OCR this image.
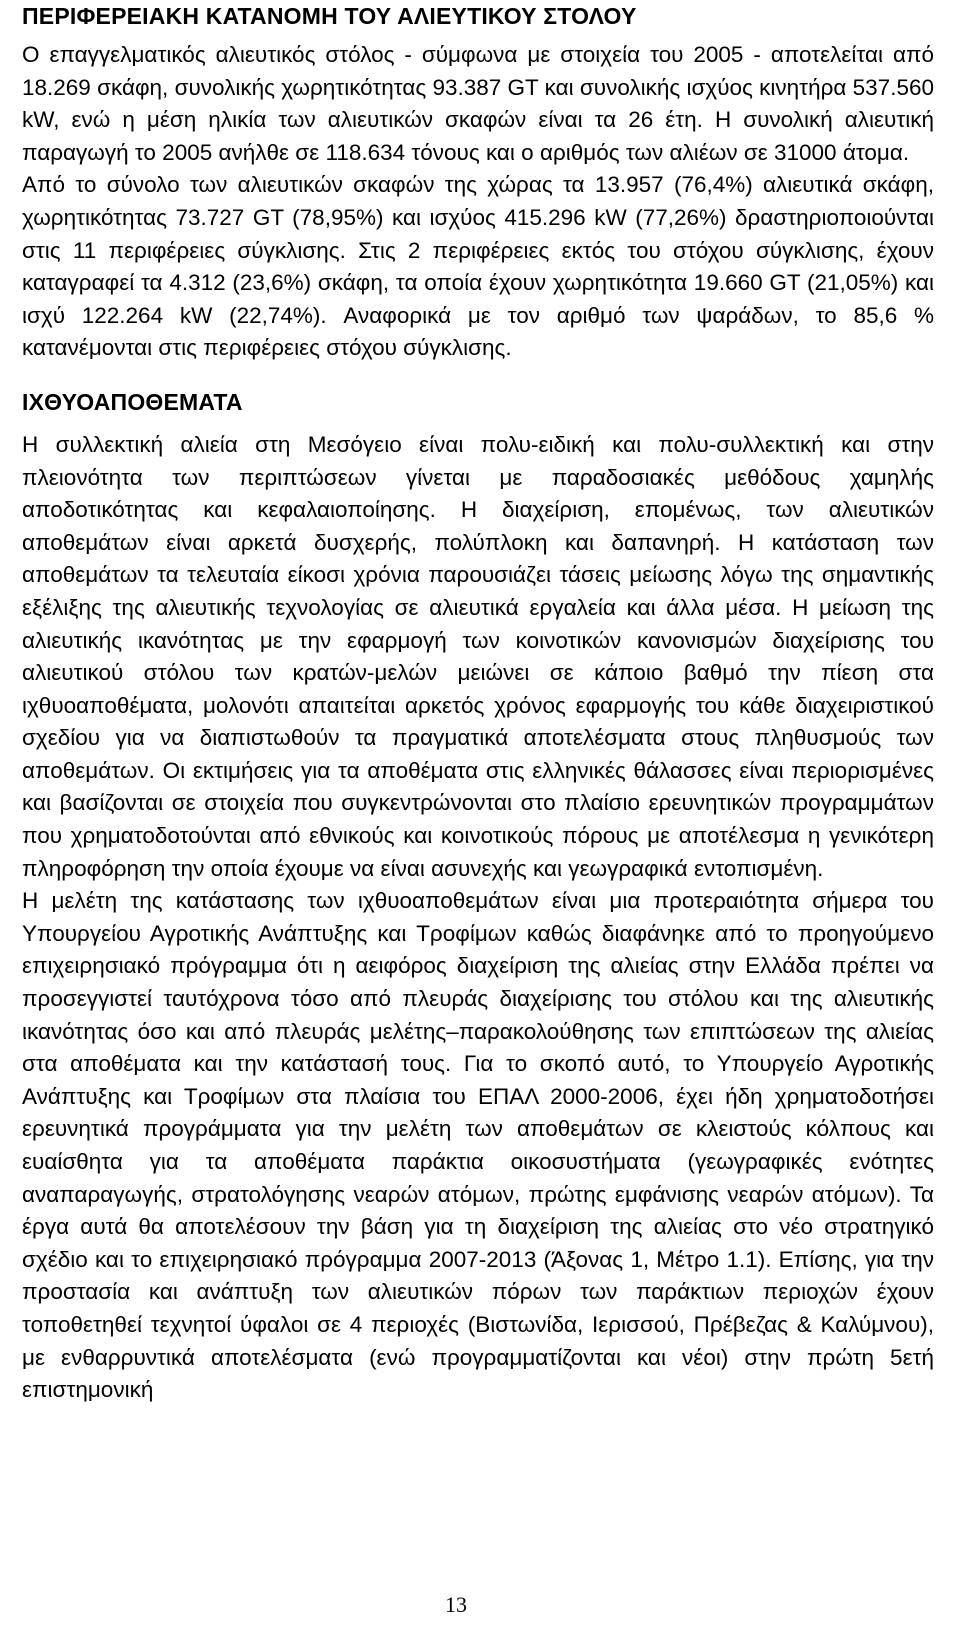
ΠΕΡΙΦΕΡΕΙΑΚΗ ΚΑΤΑΝΟΜΗ ΤΟΥ ΑΛΙΕΥΤΙΚΟΥ ΣΤΟΛΟΥ

Ο επαγγελματικός αλιευτικός στόλος - σύμφωνα με στοιχεία του 2005 - αποτελείται από 18.269 σκάφη, συνολικής χωρητικότητας 93.387 GT και συνολικής ισχύος κινητήρα 537.560 kW, ενώ η μέση ηλικία των αλιευτικών σκαφών είναι τα 26 έτη. Η συνολική αλιευτική παραγωγή το 2005 ανήλθε σε 118.634 τόνους και ο αριθμός των αλιέων σε 31000 άτομα.

Από το σύνολο των αλιευτικών σκαφών της χώρας τα 13.957 (76,4%) αλιευτικά σκάφη, χωρητικότητας 73.727 GT (78,95%) και ισχύος 415.296 kW (77,26%) δραστηριοποιούνται στις 11 περιφέρειες σύγκλισης. Στις 2 περιφέρειες εκτός του στόχου σύγκλισης, έχουν καταγραφεί τα 4.312 (23,6%) σκάφη, τα οποία έχουν χωρητικότητα 19.660 GT (21,05%) και ισχύ 122.264 kW (22,74%). Αναφορικά με τον αριθμό των ψαράδων, το 85,6 % κατανέμονται στις περιφέρειες στόχου σύγκλισης.

ΙΧΘΥΟΑΠΟΘΕΜΑΤΑ

Η συλλεκτική αλιεία στη Μεσόγειο είναι πολυ-ειδική και πολυ-συλλεκτική και στην πλειονότητα των περιπτώσεων γίνεται με παραδοσιακές μεθόδους χαμηλής αποδοτικότητας και κεφαλαιοποίησης. Η διαχείριση, επομένως, των αλιευτικών αποθεμάτων είναι αρκετά δυσχερής, πολύπλοκη και δαπανηρή. Η κατάσταση των αποθεμάτων τα τελευταία είκοσι χρόνια παρουσιάζει τάσεις μείωσης λόγω της σημαντικής εξέλιξης της αλιευτικής τεχνολογίας σε αλιευτικά εργαλεία και άλλα μέσα. Η μείωση της αλιευτικής ικανότητας με την εφαρμογή των κοινοτικών κανονισμών διαχείρισης του αλιευτικού στόλου των κρατών-μελών μειώνει σε κάποιο βαθμό την πίεση στα ιχθυοαποθέματα, μολονότι απαιτείται αρκετός χρόνος εφαρμογής του κάθε διαχειριστικού σχεδίου για να διαπιστωθούν τα πραγματικά αποτελέσματα στους πληθυσμούς των αποθεμάτων. Οι εκτιμήσεις για τα αποθέματα στις ελληνικές θάλασσες είναι περιορισμένες και βασίζονται σε στοιχεία που συγκεντρώνονται στο πλαίσιο ερευνητικών προγραμμάτων που χρηματοδοτούνται από εθνικούς και κοινοτικούς πόρους με αποτέλεσμα η γενικότερη πληροφόρηση την οποία έχουμε να είναι ασυνεχής και γεωγραφικά εντοπισμένη.

Η μελέτη της κατάστασης των ιχθυοαποθεμάτων είναι μια προτεραιότητα σήμερα του Υπουργείου Αγροτικής Ανάπτυξης και Τροφίμων καθώς διαφάνηκε από το προηγούμενο επιχειρησιακό πρόγραμμα ότι η αειφόρος διαχείριση της αλιείας στην Ελλάδα πρέπει να προσεγγιστεί ταυτόχρονα τόσο από πλευράς διαχείρισης του στόλου και της αλιευτικής ικανότητας όσο και από πλευράς μελέτης–παρακολούθησης των επιπτώσεων της αλιείας στα αποθέματα και την κατάστασή τους. Για το σκοπό αυτό, το Υπουργείο Αγροτικής Ανάπτυξης και Τροφίμων στα πλαίσια του ΕΠΑΛ 2000-2006, έχει ήδη χρηματοδοτήσει ερευνητικά προγράμματα για την μελέτη των αποθεμάτων σε κλειστούς κόλπους και ευαίσθητα για τα αποθέματα παράκτια οικοσυστήματα (γεωγραφικές ενότητες αναπαραγωγής, στρατολόγησης νεαρών ατόμων, πρώτης εμφάνισης νεαρών ατόμων). Τα έργα αυτά θα αποτελέσουν την βάση για τη διαχείριση της αλιείας στο νέο στρατηγικό σχέδιο και το επιχειρησιακό πρόγραμμα 2007-2013 (Άξονας 1, Μέτρο 1.1). Επίσης, για την προστασία και ανάπτυξη των αλιευτικών πόρων των παράκτιων περιοχών έχουν τοποθετηθεί τεχνητοί ύφαλοι σε 4 περιοχές (Βιστωνίδα, Ιερισσού, Πρέβεζας & Καλύμνου), με ενθαρρυντικά αποτελέσματα (ενώ προγραμματίζονται και νέοι) στην πρώτη 5ετή επιστημονική

13
